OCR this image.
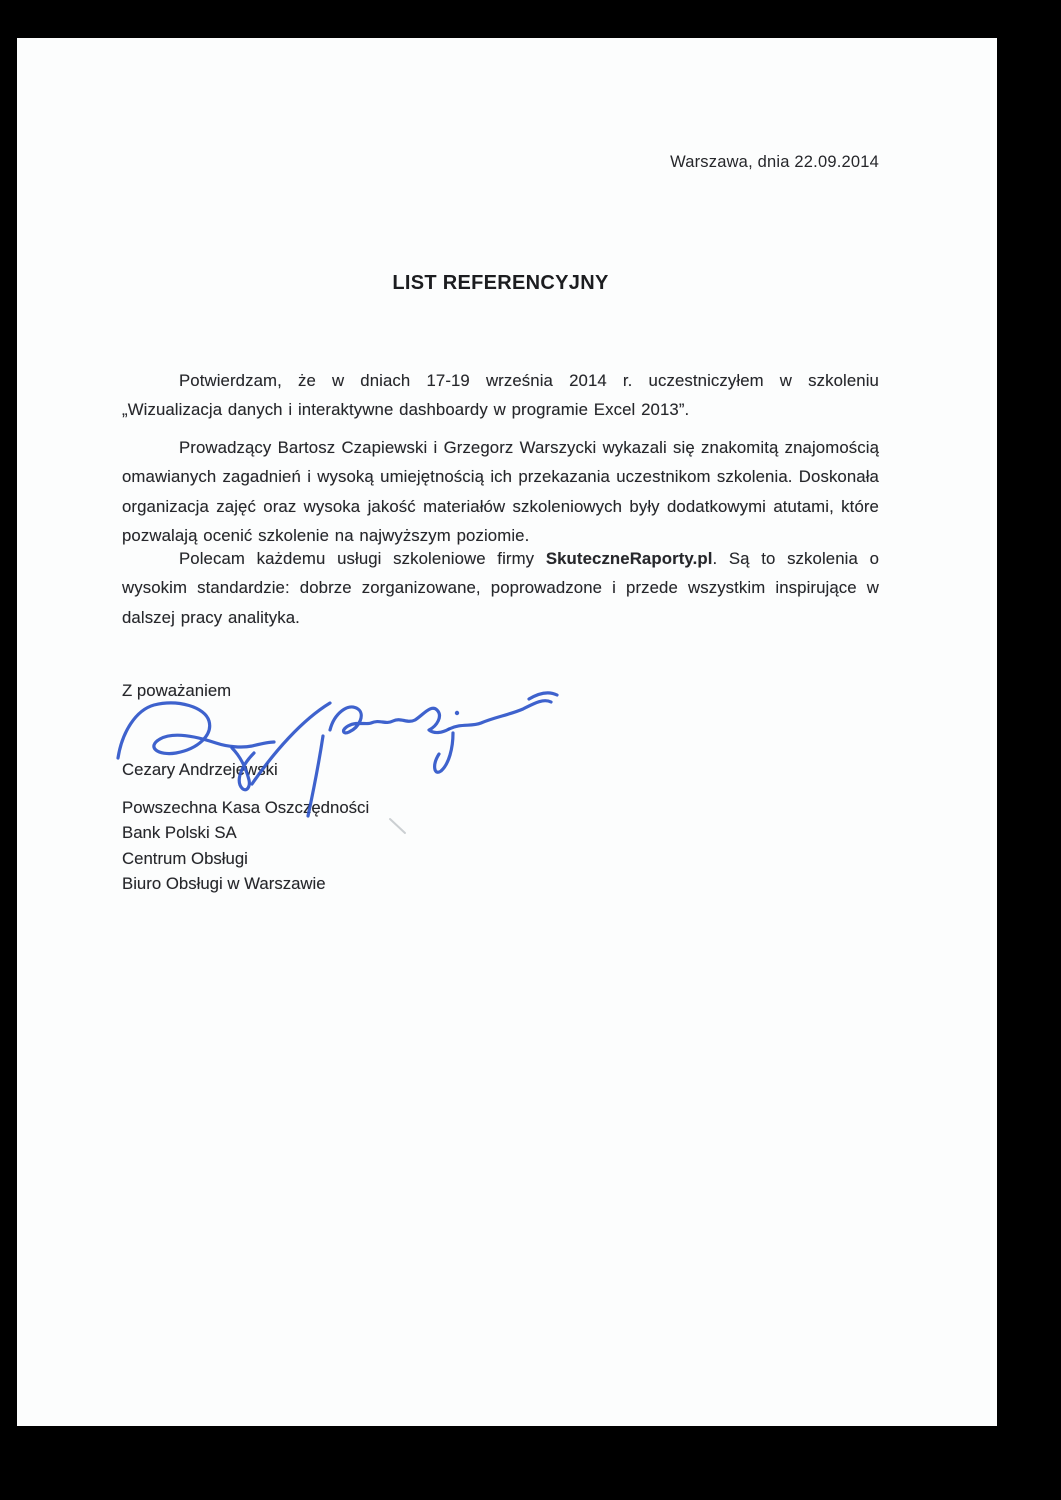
Warszawa, dnia 22.09.2014
LIST REFERENCYJNY

Potwierdzam, że w dniach 17-19 września 2014 r. uczestniczyłem w szkoleniu „Wizualizacja danych i interaktywne dashboardy w programie Excel 2013”.

Prowadzący Bartosz Czapiewski i Grzegorz Warszycki wykazali się znakomitą znajomością omawianych zagadnień i wysoką umiejętnością ich przekazania uczestnikom szkolenia. Doskonała organizacja zajęć oraz wysoka jakość materiałów szkoleniowych były dodatkowymi atutami, które pozwalają ocenić szkolenie na najwyższym poziomie.

Polecam każdemu usługi szkoleniowe firmy SkuteczneRaporty.pl. Są to szkolenia o wysokim standardzie: dobrze zorganizowane, poprowadzone i przede wszystkim inspirujące w dalszej pracy analityka.

Z poważaniem
Cezary Andrzejewski
Powszechna Kasa Oszczędności
Bank Polski SA
Centrum Obsługi
Biuro Obsługi w Warszawie
